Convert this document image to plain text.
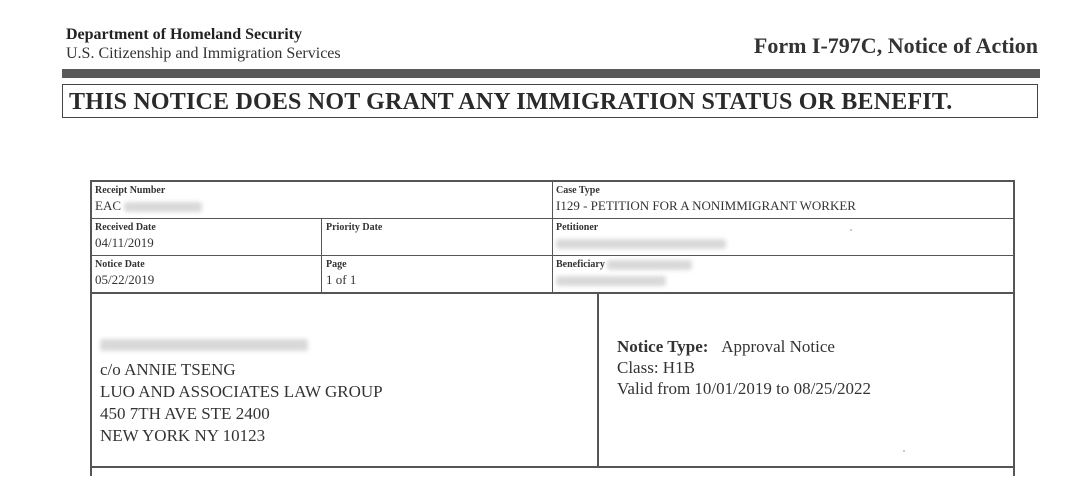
Department of Homeland Security
U.S. Citizenship and Immigration Services	Form I-797C, Notice of Action
THIS NOTICE DOES NOT GRANT ANY IMMIGRATION STATUS OR BENEFIT.
Receipt Number
EAC
Case Type
I129 - PETITION FOR A NONIMMIGRANT WORKER
Received Date
04/11/2019
Priority Date	Petitioner
Notice Date
05/22/2019
Page
1 of 1
Beneficiary
c/o ANNIE TSENG
LUO AND ASSOCIATES LAW GROUP
450 7TH AVE STE 2400
NEW YORK NY 10123
Notice Type: Approval Notice
Class: H1B
Valid from 10/01/2019 to 08/25/2022
